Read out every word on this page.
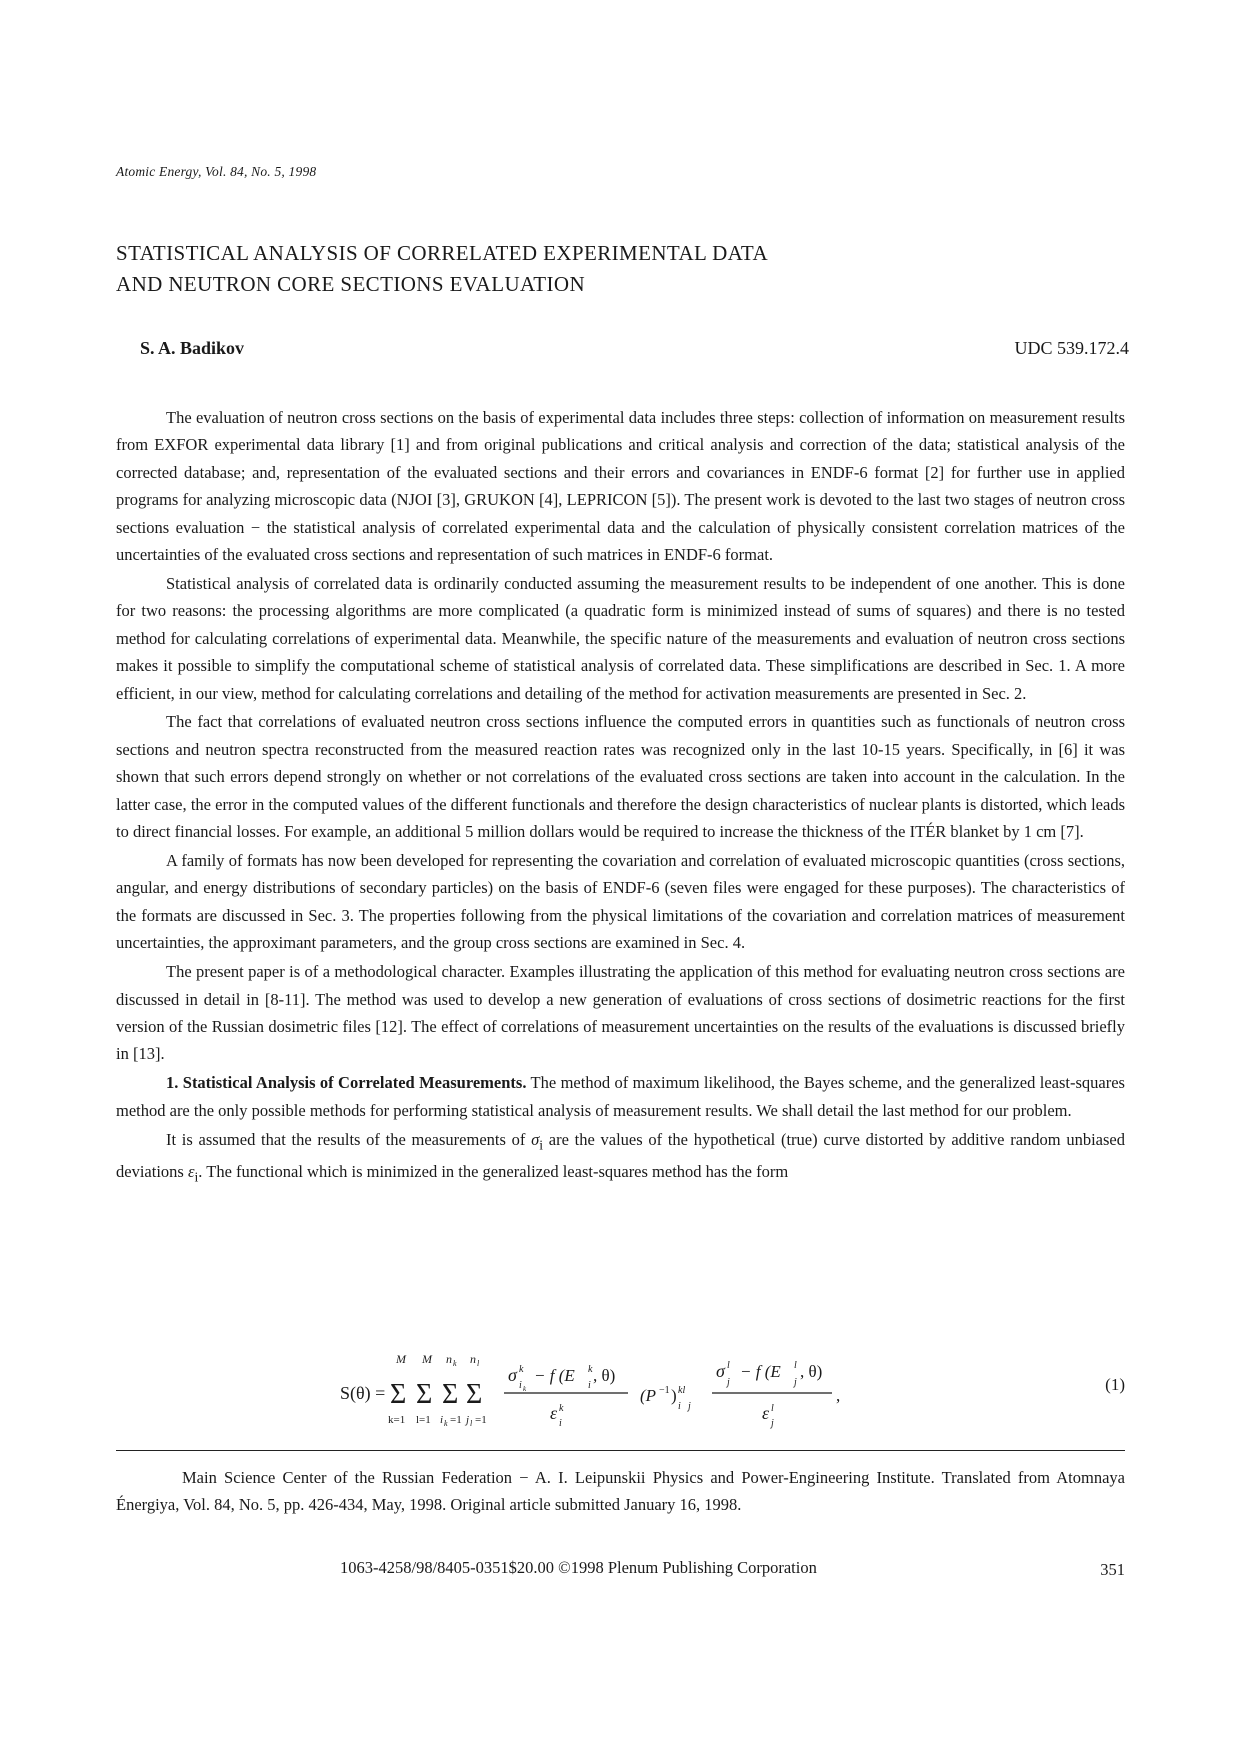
Atomic Energy, Vol. 84, No. 5, 1998
STATISTICAL ANALYSIS OF CORRELATED EXPERIMENTAL DATA
AND NEUTRON CORE SECTIONS EVALUATION
S. A. Badikov	UDC 539.172.4

The evaluation of neutron cross sections on the basis of experimental data includes three steps: collection of information on measurement results from EXFOR experimental data library [1] and from original publications and critical analysis and correction of the data; statistical analysis of the corrected database; and, representation of the evaluated sections and their errors and covariances in ENDF-6 format [2] for further use in applied programs for analyzing microscopic data (NJOI [3], GRUKON [4], LEPRICON [5]). The present work is devoted to the last two stages of neutron cross sections evaluation − the statistical analysis of correlated experimental data and the calculation of physically consistent correlation matrices of the uncertainties of the evaluated cross sections and representation of such matrices in ENDF-6 format.

Statistical analysis of correlated data is ordinarily conducted assuming the measurement results to be independent of one another. This is done for two reasons: the processing algorithms are more complicated (a quadratic form is minimized instead of sums of squares) and there is no tested method for calculating correlations of experimental data. Meanwhile, the specific nature of the measurements and evaluation of neutron cross sections makes it possible to simplify the computational scheme of statistical analysis of correlated data. These simplifications are described in Sec. 1. A more efficient, in our view, method for calculating correlations and detailing of the method for activation measurements are presented in Sec. 2.

The fact that correlations of evaluated neutron cross sections influence the computed errors in quantities such as functionals of neutron cross sections and neutron spectra reconstructed from the measured reaction rates was recognized only in the last 10-15 years. Specifically, in [6] it was shown that such errors depend strongly on whether or not correlations of the evaluated cross sections are taken into account in the calculation. In the latter case, the error in the computed values of the different functionals and therefore the design characteristics of nuclear plants is distorted, which leads to direct financial losses. For example, an additional 5 million dollars would be required to increase the thickness of the ITÉR blanket by 1 cm [7].

A family of formats has now been developed for representing the covariation and correlation of evaluated microscopic quantities (cross sections, angular, and energy distributions of secondary particles) on the basis of ENDF-6 (seven files were engaged for these purposes). The characteristics of the formats are discussed in Sec. 3. The properties following from the physical limitations of the covariation and correlation matrices of measurement uncertainties, the approximant parameters, and the group cross sections are examined in Sec. 4.

The present paper is of a methodological character. Examples illustrating the application of this method for evaluating neutron cross sections are discussed in detail in [8-11]. The method was used to develop a new generation of evaluations of cross sections of dosimetric reactions for the first version of the Russian dosimetric files [12]. The effect of correlations of measurement uncertainties on the results of the evaluations is discussed briefly in [13].

1. Statistical Analysis of Correlated Measurements. The method of maximum likelihood, the Bayes scheme, and the generalized least-squares method are the only possible methods for performing statistical analysis of measurement results. We shall detail the last method for our problem.

It is assumed that the results of the measurements of $\sigma_i$ are the values of the hypothetical (true) curve distorted by additive random unbiased deviations $\varepsilon_i$. The functional which is minimized in the generalized least-squares method has the form

S(θ) =
M
Σ
k=1
M
Σ
l=1
n k
Σ
i k =1
n l
Σ
j l =1
σ k
i k
− f (E k
i
, θ)
ε k
i
(P −1 ) kl
i j
σ l
j
− f (E l
j
, θ)
ε l
j
,
(1)
Main Science Center of the Russian Federation − A. I. Leipunskii Physics and Power-Engineering Institute. Translated from Atomnaya Énergiya, Vol. 84, No. 5, pp. 426-434, May, 1998. Original article submitted January 16, 1998.
1063-4258/98/8405-0351$20.00 ©1998 Plenum Publishing Corporation	351
